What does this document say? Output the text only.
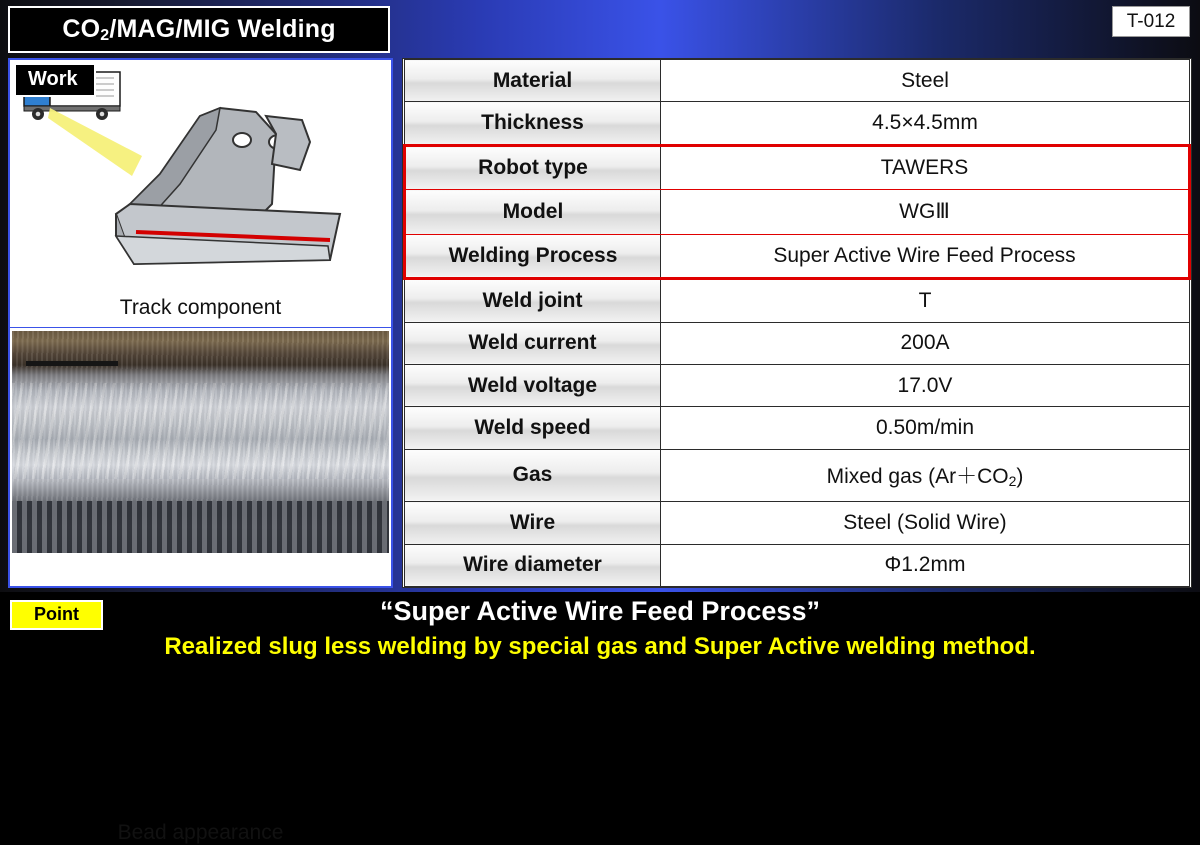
$CO_2/MAG$/MIG Welding	T-012
Work
Track component
Bead appearance
Material	Steel
Thickness	4.5×4.5mm
Robot type	TAWERS
Model	WGⅢ
Welding Process	Super Active Wire Feed Process
Weld joint	T
Weld current	200A
Weld voltage	17.0V
Weld speed	0.50m/min
Gas	Mixed gas $(Ar+CO_2)$
Wire	Steel (Solid Wire)
Wire diameter	Φ1.2mm
Point	“Super Active Wire Feed Process”
Realized slug less welding by special gas and Super Active welding method.
